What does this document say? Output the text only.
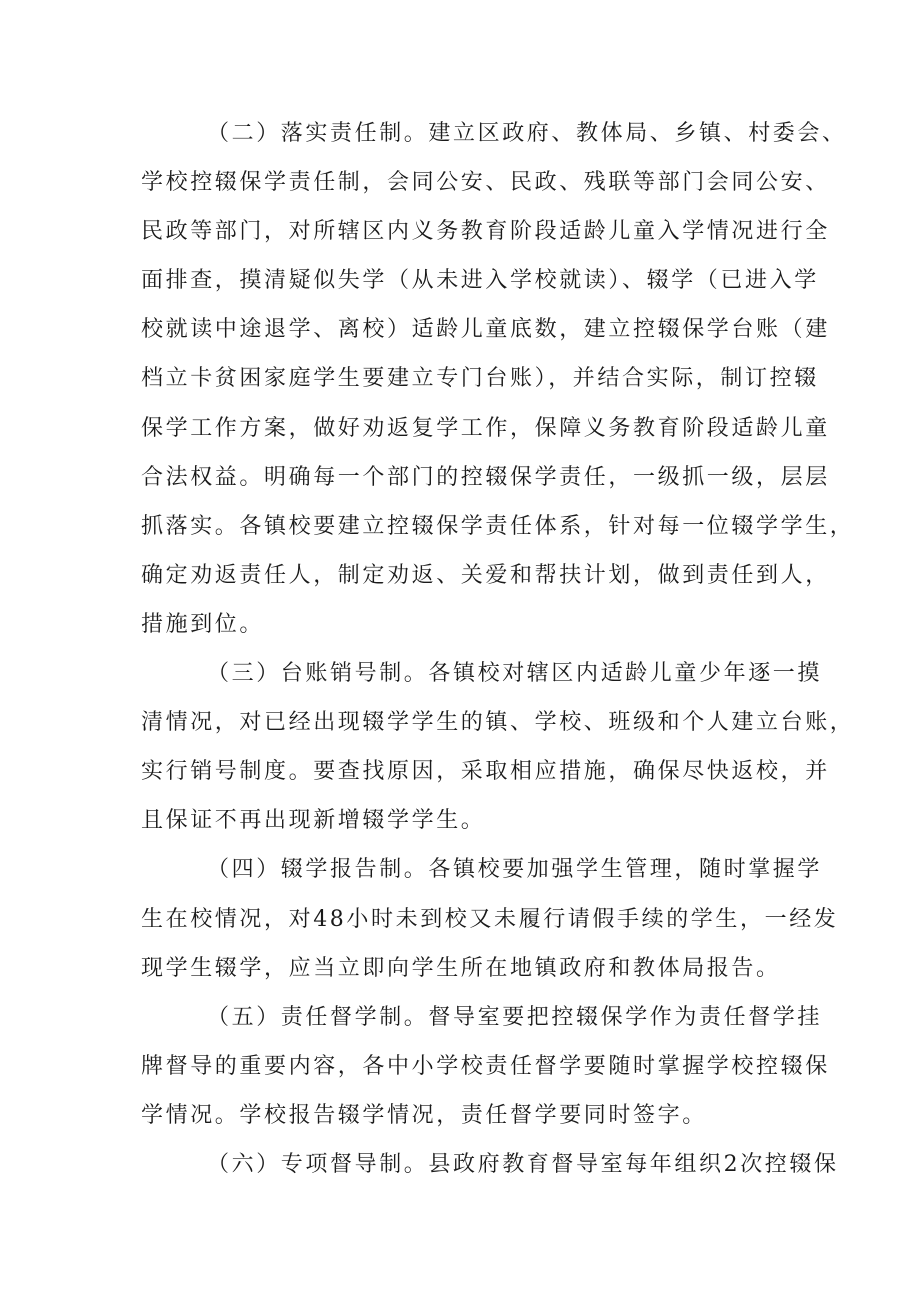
（二）落实责任制。建立区政府、教体局、乡镇、村委会、
学校控辍保学责任制，会同公安、民政、残联等部门会同公安、
民政等部门，对所辖区内义务教育阶段适龄儿童入学情况进行全
面排查，摸清疑似失学（从未进入学校就读）、辍学（已进入学
校就读中途退学、离校）适龄儿童底数，建立控辍保学台账（建
档立卡贫困家庭学生要建立专门台账），并结合实际，制订控辍
保学工作方案，做好劝返复学工作，保障义务教育阶段适龄儿童
合法权益。明确每一个部门的控辍保学责任，一级抓一级，层层
抓落实。各镇校要建立控辍保学责任体系，针对每一位辍学学生，
确定劝返责任人，制定劝返、关爱和帮扶计划，做到责任到人，
措施到位。
（三）台账销号制。各镇校对辖区内适龄儿童少年逐一摸
清情况，对已经出现辍学学生的镇、学校、班级和个人建立台账，
实行销号制度。要查找原因，采取相应措施，确保尽快返校，并
且保证不再出现新增辍学学生。
（四）辍学报告制。各镇校要加强学生管理，随时掌握学
生在校情况，对48小时未到校又未履行请假手续的学生，一经发
现学生辍学，应当立即向学生所在地镇政府和教体局报告。
（五）责任督学制。督导室要把控辍保学作为责任督学挂
牌督导的重要内容，各中小学校责任督学要随时掌握学校控辍保
学情况。学校报告辍学情况，责任督学要同时签字。
（六）专项督导制。县政府教育督导室每年组织2次控辍保
